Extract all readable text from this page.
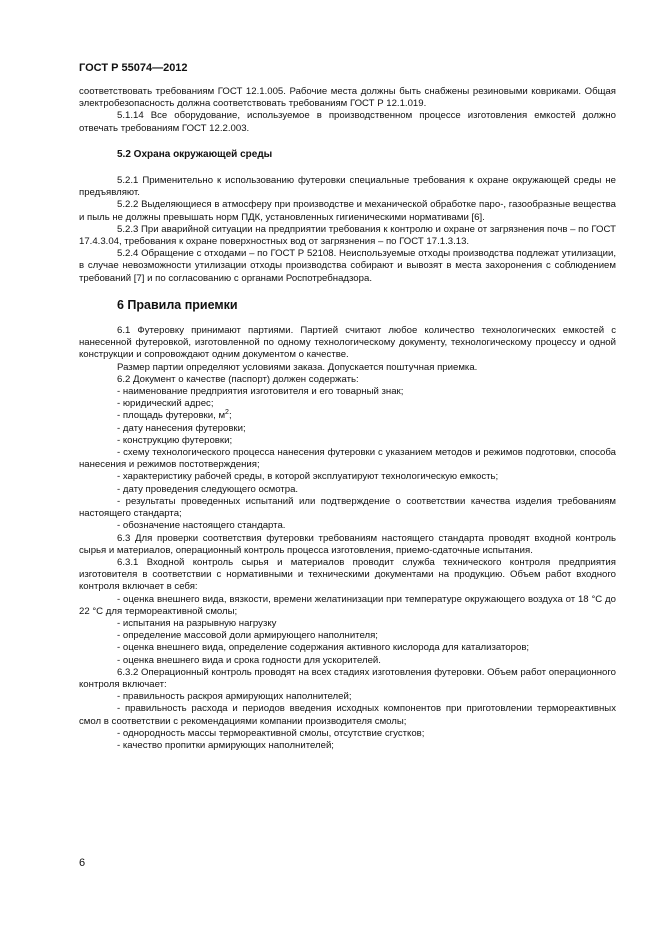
ГОСТ Р 55074—2012

соответствовать требованиям ГОСТ 12.1.005. Рабочие места должны быть снабжены резиновыми ковриками. Общая электробезопасность должна соответствовать требованиям ГОСТ Р 12.1.019.

5.1.14 Все оборудование, используемое в производственном процессе изготовления емкостей должно отвечать требованиям ГОСТ 12.2.003.

5.2 Охрана окружающей среды

5.2.1 Применительно к использованию футеровки специальные требования к охране окружающей среды не предъявляют.

5.2.2 Выделяющиеся в атмосферу при производстве и механической обработке паро-, газообразные вещества и пыль не должны превышать норм ПДК, установленных гигиеническими нормативами [6].

5.2.3 При аварийной ситуации на предприятии требования к контролю и охране от загрязнения почв – по ГОСТ 17.4.3.04, требования к охране поверхностных вод от загрязнения – по ГОСТ 17.1.3.13.

5.2.4 Обращение с отходами – по ГОСТ Р 52108. Неиспользуемые отходы производства подлежат утилизации, в случае невозможности утилизации отходы производства собирают и вывозят в места захоронения с соблюдением требований [7] и по согласованию с органами Роспотребнадзора.

6 Правила приемки

6.1 Футеровку принимают партиями. Партией считают любое количество технологических емкостей с нанесенной футеровкой, изготовленной по одному технологическому документу, технологическому процессу и одной конструкции и сопровождают одним документом о качестве.

Размер партии определяют условиями заказа. Допускается поштучная приемка.

6.2 Документ о качестве (паспорт) должен содержать:

- наименование предприятия изготовителя и его товарный знак;

- юридический адрес;

- площадь футеровки, $м^2$;

- дату нанесения футеровки;

- конструкцию футеровки;

- схему технологического процесса нанесения футеровки с указанием методов и режимов подготовки, способа нанесения и режимов постотверждения;

- характеристику рабочей среды, в которой эксплуатируют технологическую емкость;

- дату проведения следующего осмотра.

- результаты проведенных испытаний или подтверждение о соответствии качества изделия требованиям настоящего стандарта;

- обозначение настоящего стандарта.

6.3 Для проверки соответствия футеровки требованиям настоящего стандарта проводят входной контроль сырья и материалов, операционный контроль процесса изготовления, приемо-сдаточные испытания.

6.3.1 Входной контроль сырья и материалов проводит служба технического контроля предприятия изготовителя в соответствии с нормативными и техническими документами на продукцию. Объем работ входного контроля включает в себя:

- оценка внешнего вида, вязкости, времени желатинизации при температуре окружающего воздуха от 18 °С до 22 °С для термореактивной смолы;

- испытания на разрывную нагрузку

- определение массовой доли армирующего наполнителя;

- оценка внешнего вида, определение содержания активного кислорода для катализаторов;

- оценка внешнего вида и срока годности для ускорителей.

6.3.2 Операционный контроль проводят на всех стадиях изготовления футеровки. Объем работ операционного контроля включает:

- правильность раскроя армирующих наполнителей;

- правильность расхода и периодов введения исходных компонентов при приготовлении термореактивных смол в соответствии с рекомендациями компании производителя смолы;

- однородность массы термореактивной смолы, отсутствие сгустков;

- качество пропитки армирующих наполнителей;

6
